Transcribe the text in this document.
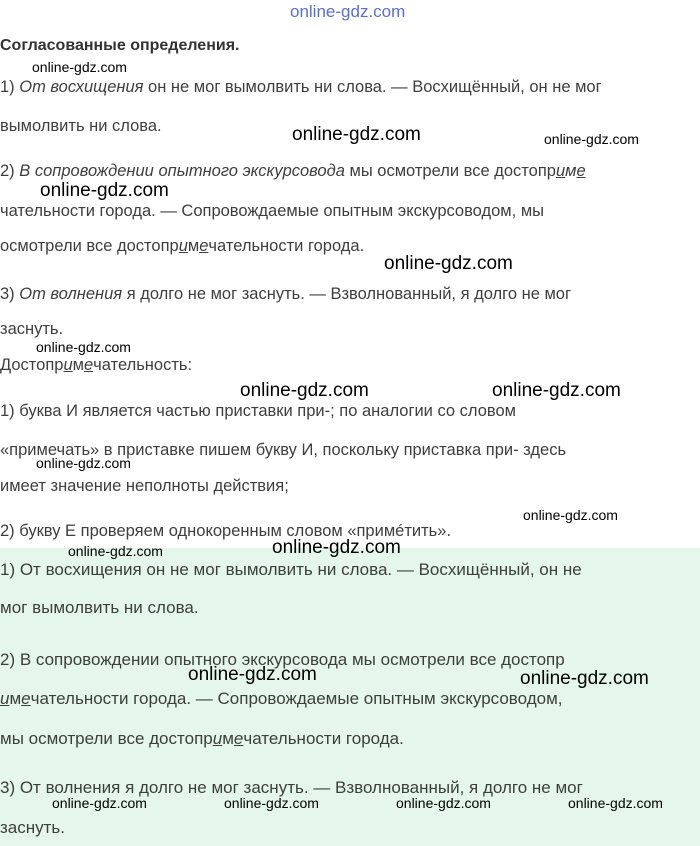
online-gdz.com
Согласованные определения.
1) От восхищения он не мог вымолвить ни слова. — Восхищённый, он не мог
вымолвить ни слова.
2) В сопровождении опытного экскурсовода мы осмотрели все достоприме
чательности города. — Сопровождаемые опытным экскурсоводом, мы
осмотрели все достопримечательности города.
3) От волнения я долго не мог заснуть. — Взволнованный, я долго не мог
заснуть.
Достопримечательность:
1) буква И является частью приставки при-; по аналогии со словом
«примечать» в приставке пишем букву И, поскольку приставка при- здесь
имеет значение неполноты действия;
2) букву Е проверяем однокоренным словом «примéтить».
1) От восхищения он не мог вымолвить ни слова. — Восхищённый, он не
мог вымолвить ни слова.
2) В сопровождении опытного экскурсовода мы осмотрели все достопр
имечательности города. — Сопровождаемые опытным экскурсоводом,
мы осмотрели все достопримечательности города.
3) От волнения я долго не мог заснуть. — Взволнованный, я долго не мог
заснуть.
online-gdz.com
online-gdz.com	online-gdz.com
online-gdz.com
online-gdz.com
online-gdz.com
online-gdz.com	online-gdz.com
online-gdz.com
online-gdz.com
online-gdz.com	online-gdz.com
online-gdz.com	online-gdz.com
online-gdz.com	online-gdz.com	online-gdz.com	online-gdz.com
